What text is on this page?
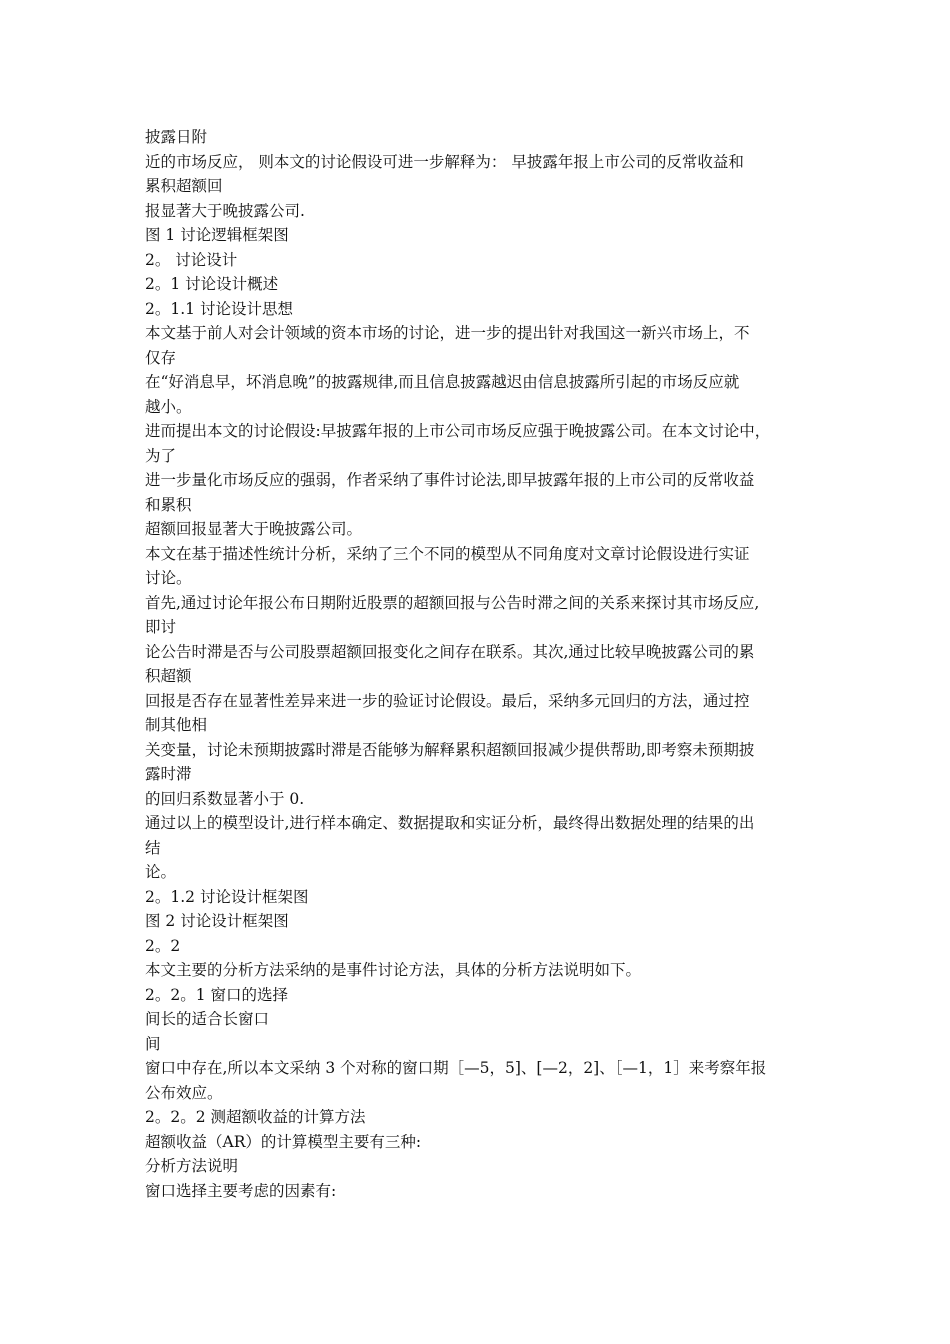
披露日附
近的市场反应， 则本文的讨论假设可进一步解释为： 早披露年报上市公司的反常收益和
累积超额回
报显著大于晚披露公司.
图 1 讨论逻辑框架图
2。 讨论设计
2。1 讨论设计概述
2。1.1 讨论设计思想
本文基于前人对会计领域的资本市场的讨论，进一步的提出针对我国这一新兴市场上，不
仅存
在“好消息早，坏消息晚”的披露规律,而且信息披露越迟由信息披露所引起的市场反应就
越小。
进而提出本文的讨论假设:早披露年报的上市公司市场反应强于晚披露公司。在本文讨论中，
为了
进一步量化市场反应的强弱，作者采纳了事件讨论法,即早披露年报的上市公司的反常收益
和累积
超额回报显著大于晚披露公司。
本文在基于描述性统计分析，采纳了三个不同的模型从不同角度对文章讨论假设进行实证
讨论。
首先,通过讨论年报公布日期附近股票的超额回报与公告时滞之间的关系来探讨其市场反应,
即讨
论公告时滞是否与公司股票超额回报变化之间存在联系。其次,通过比较早晚披露公司的累
积超额
回报是否存在显著性差异来进一步的验证讨论假设。最后，采纳多元回归的方法，通过控
制其他相
关变量，讨论未预期披露时滞是否能够为解释累积超额回报减少提供帮助,即考察未预期披
露时滞
的回归系数显著小于 0.
通过以上的模型设计,进行样本确定、数据提取和实证分析，最终得出数据处理的结果的出
结
论。
2。1.2 讨论设计框架图
图 2 讨论设计框架图
2。2
本文主要的分析方法采纳的是事件讨论方法，具体的分析方法说明如下。
2。2。1 窗口的选择
间长的适合长窗口
间
窗口中存在,所以本文采纳 3 个对称的窗口期［—5，5]、[—2，2]、［—1，1］来考察年报
公布效应。
2。2。2 测超额收益的计算方法
超额收益（AR）的计算模型主要有三种:
分析方法说明
窗口选择主要考虑的因素有:
